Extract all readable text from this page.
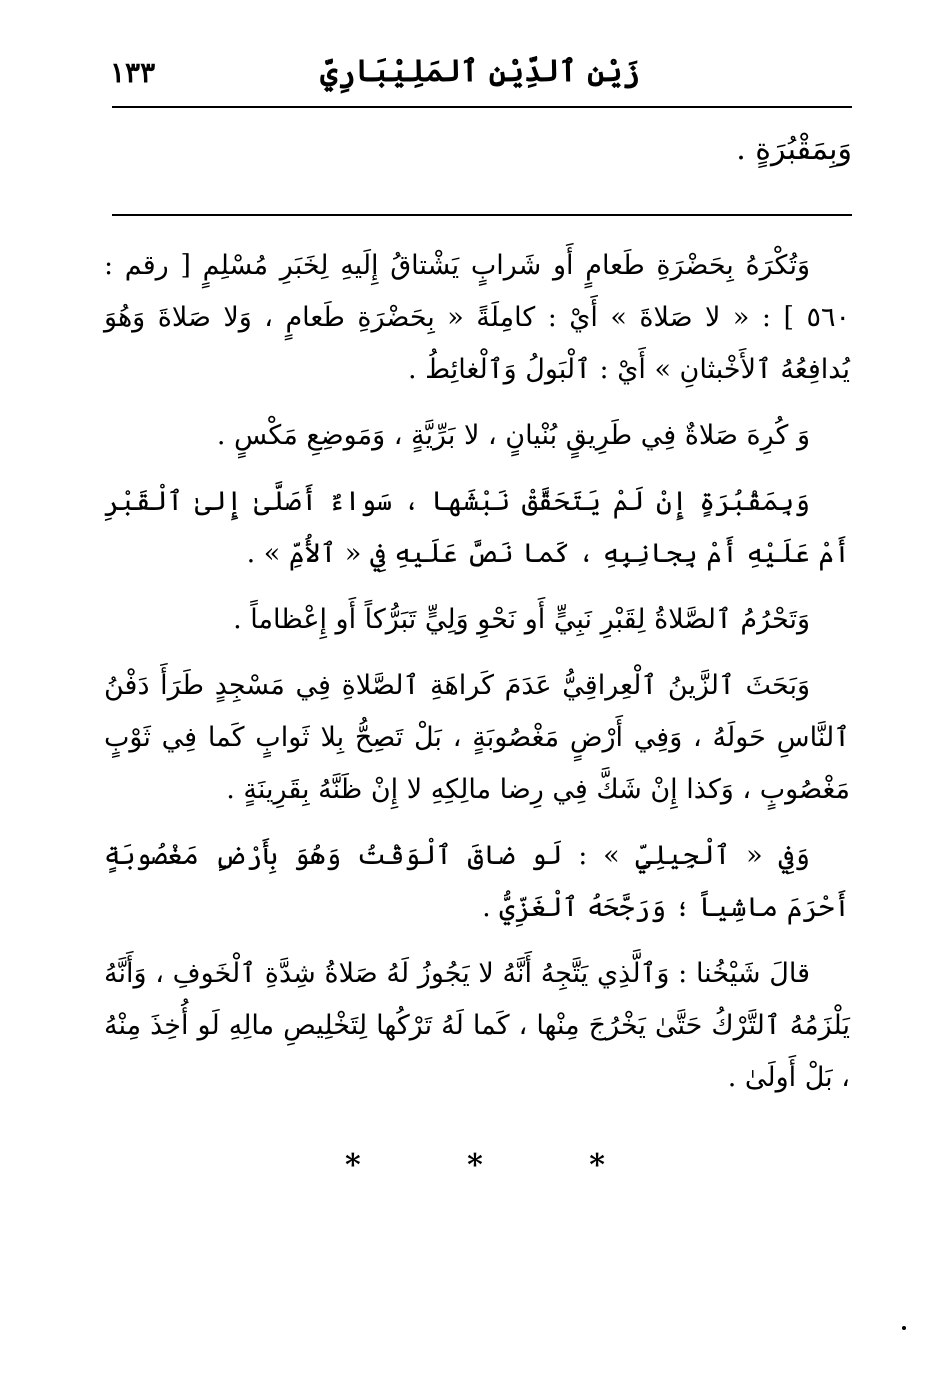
زَيْن ٱلدِّيْنِ ٱلمَلِيْبَارِيّ
١٣٣
وَبِمَقْبُرَةٍ .

وَتُكْرَهُ بِحَضْرَةِ طَعامٍ أَو شَرابٍ يَشْتاقُ إِلَيهِ لِخَبَرِ مُسْلِمٍ [ رقم : ٥٦٠ ] : « لا صَلاةَ » أَيْ : كامِلَةً « بِحَضْرَةِ طَعامٍ ، وَلا صَلاةَ وَهُوَ يُدافِعُهُ ٱلأَخْبثانِ » أَيْ : ٱلْبَولُ وَٱلْغائِطُ .

وَ كُرِهَ صَلاةٌ فِي طَرِيقٍ بُنْيانٍ ، لا بَرِّيَّةٍ ، وَمَوضِعِ مَكْسٍ .

وَبِمَقْبُرَةٍ إِنْ لَمْ يَتَحَقَّقْ نَبْشَها ، سَواءٌ أَصَلَّىٰ إِلىٰ ٱلْقَبْرِ أَمْ عَلَيْهِ أَمْ بِجانِبِهِ ، كَما نَصَّ عَلَيهِ فِي « ٱلأُمِّ » .

وَتَحْرُمُ ٱلصَّلاةُ لِقَبْرِ نَبِيٍّ أَو نَحْوِ وَلِيٍّ تَبَرُّكاً أَو إِعْظاماً .

وَبَحَثَ ٱلزَّينُ ٱلْعِراقِيُّ عَدَمَ كَراهَةِ ٱلصَّلاةِ فِي مَسْجِدٍ طَرَأَ دَفْنُ ٱلنَّاسِ حَولَهُ ، وَفِي أَرْضٍ مَغْصُوبَةٍ ، بَلْ تَصِحُّ بِلا ثَوابٍ كَما فِي ثَوْبٍ مَغْصُوبٍ ، وَكذا إِنْ شَكَّ فِي رِضا مالِكِهِ لا إِنْ ظَنَّهُ بِقَرِينَةٍ .

وَفِي « ٱلْجِيلِيِّ » : لَو ضاقَ ٱلْوَقْتُ وَهُوَ بِأَرْضٍ مَغْصُوبَةٍ أَحْرَمَ ماشِياً ؛ وَرَجَّحَهُ ٱلْغَزِّيُّ .

قالَ شَيْخُنا : وَٱلَّذِي يَتَّجِهُ أَنَّهُ لا يَجُوزُ لَهُ صَلاةُ شِدَّةِ ٱلْخَوفِ ، وَأَنَّهُ يَلْزَمُهُ ٱلتَّرْكُ حَتَّىٰ يَخْرُجَ مِنْها ، كَما لَهُ تَرْكُها لِتَخْلِيصِ مالِهِ لَو أُخِذَ مِنْهُ ، بَلْ أَولَىٰ .

*	*	*
